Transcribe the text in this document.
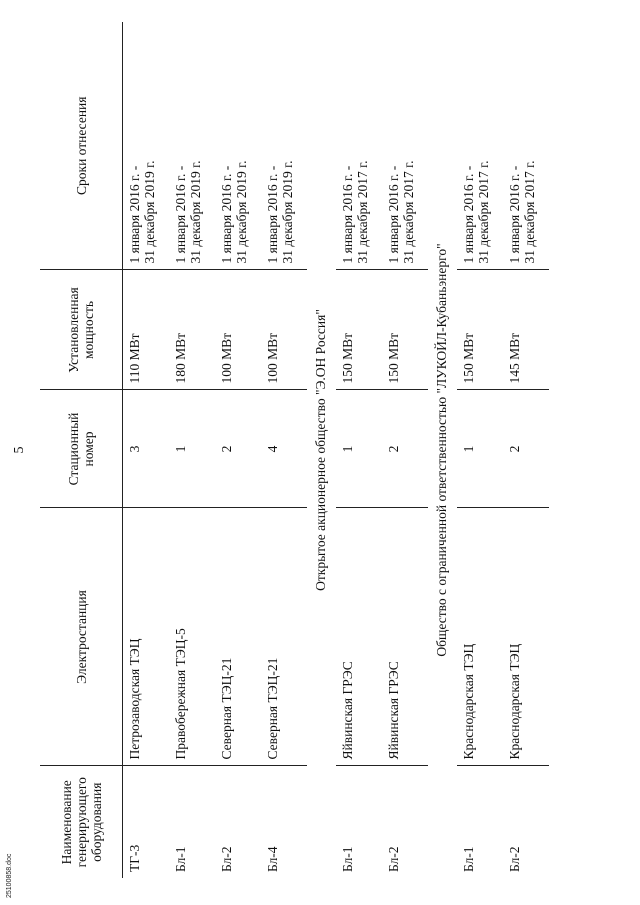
5
Наименование генерирующего оборудования	Электростанция	Стационный номер	Установленная мощность	Сроки отнесения
ТГ-3	Петрозаводская ТЭЦ	3	110 МВт	1 января 2016 г. - 31 декабря 2019 г.

Бл-1	Правобережная ТЭЦ-5	1	180 МВт	1 января 2016 г. - 31 декабря 2019 г.

Бл-2	Северная ТЭЦ-21	2	100 МВт	1 января 2016 г. - 31 декабря 2019 г.

Бл-4	Северная ТЭЦ-21	4	100 МВт	1 января 2016 г. - 31 декабря 2019 г.

Открытое акционерное общество "Э.ОН Россия"				
Бл-1	Яйвинская ГРЭС	1	150 МВт	1 января 2016 г. - 31 декабря 2017 г.

Бл-2	Яйвинская ГРЭС	2	150 МВт	1 января 2016 г. - 31 декабря 2017 г.

Общество с ограниченной ответственностью "ЛУКОЙЛ-Кубаньэнерго"				
Бл-1	Краснодарская ТЭЦ	1	150 МВт	1 января 2016 г. - 31 декабря 2017 г.

Бл-2	Краснодарская ТЭЦ	2	145 МВт	1 января 2016 г. - 31 декабря 2017 г.
25100858.doc
